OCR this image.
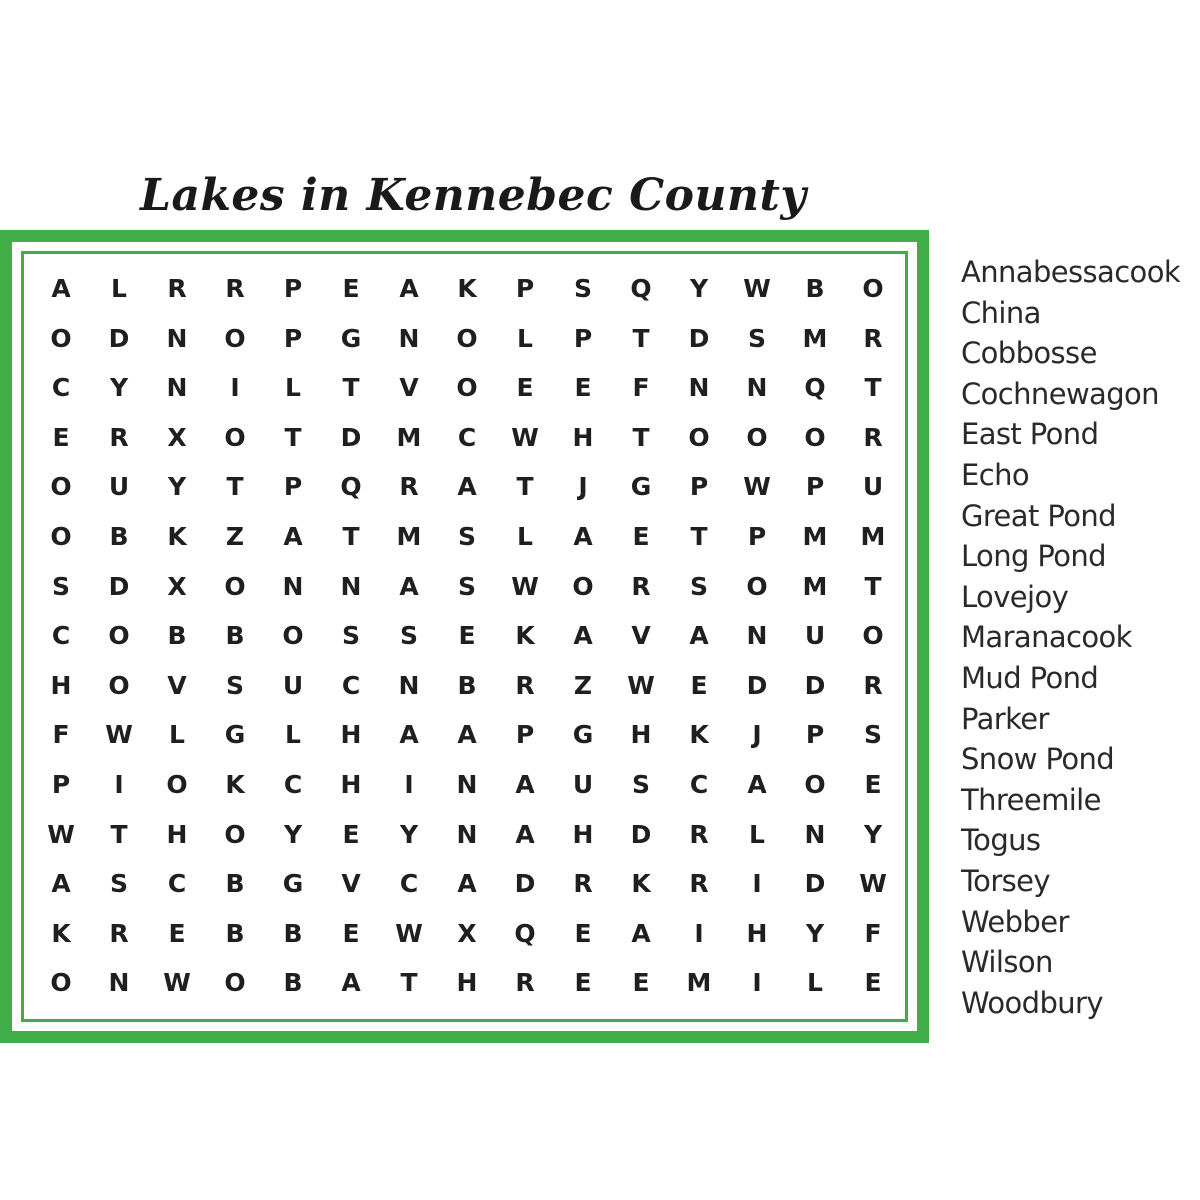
Lakes in Kennebec County
A	L	R	R	P	E	A	K	P	S	Q	Y	W	B	O
O	D	N	O	P	G	N	O	L	P	T	D	S	M	R
C	Y	N	I	L	T	V	O	E	E	F	N	N	Q	T
E	R	X	O	T	D	M	C	W	H	T	O	O	O	R
O	U	Y	T	P	Q	R	A	T	J	G	P	W	P	U
O	B	K	Z	A	T	M	S	L	A	E	T	P	M	M
S	D	X	O	N	N	A	S	W	O	R	S	O	M	T
C	O	B	B	O	S	S	E	K	A	V	A	N	U	O
H	O	V	S	U	C	N	B	R	Z	W	E	D	D	R
F	W	L	G	L	H	A	A	P	G	H	K	J	P	S
P	I	O	K	C	H	I	N	A	U	S	C	A	O	E
W	T	H	O	Y	E	Y	N	A	H	D	R	L	N	Y
A	S	C	B	G	V	C	A	D	R	K	R	I	D	W
K	R	E	B	B	E	W	X	Q	E	A	I	H	Y	F
O	N	W	O	B	A	T	H	R	E	E	M	I	L	E
Annabessacook
China
Cobbosse
Cochnewagon
East Pond
Echo
Great Pond
Long Pond
Lovejoy
Maranacook
Mud Pond
Parker
Snow Pond
Threemile
Togus
Torsey
Webber
Wilson
Woodbury
